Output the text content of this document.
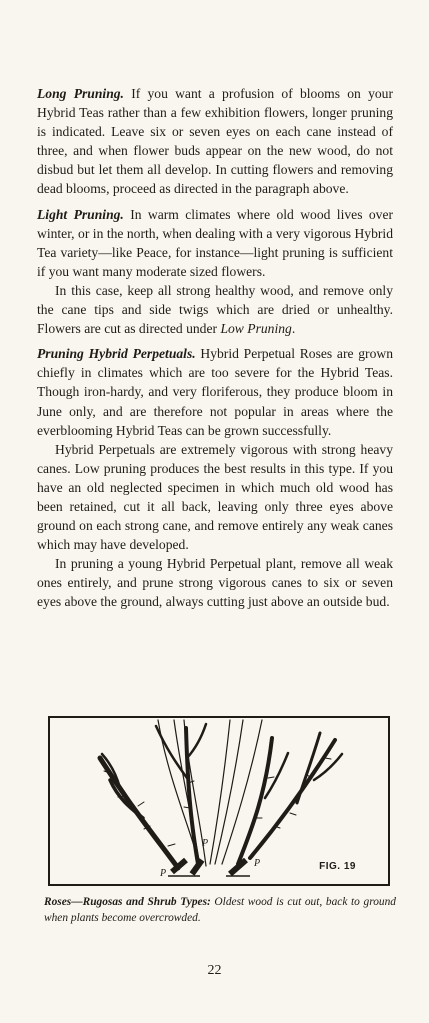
Long Pruning. If you want a profusion of blooms on your Hybrid Teas rather than a few exhibition flowers, longer pruning is indicated. Leave six or seven eyes on each cane instead of three, and when flower buds appear on the new wood, do not disbud but let them all develop. In cutting flowers and removing dead blooms, proceed as directed in the paragraph above.

Light Pruning. In warm climates where old wood lives over winter, or in the north, when dealing with a very vigorous Hybrid Tea variety—like Peace, for instance—light pruning is sufficient if you want many moderate sized flowers.

In this case, keep all strong healthy wood, and remove only the cane tips and side twigs which are dried or unhealthy. Flowers are cut as directed under Low Pruning.

Pruning Hybrid Perpetuals. Hybrid Perpetual Roses are grown chiefly in climates which are too severe for the Hybrid Teas. Though iron-hardy, and very floriferous, they produce bloom in June only, and are therefore not popular in areas where the everblooming Hybrid Teas can be grown successfully.

Hybrid Perpetuals are extremely vigorous with strong heavy canes. Low pruning produces the best results in this type. If you have an old neglected specimen in which much old wood has been retained, cut it all back, leaving only three eyes above ground on each strong cane, and remove entirely any weak canes which may have developed.

In pruning a young Hybrid Perpetual plant, remove all weak ones entirely, and prune strong vigorous canes to six or seven eyes above the ground, always cutting just above an outside bud.

P
P
P	FIG. 19
Roses—Rugosas and Shrub Types: Oldest wood is cut out, back to ground when plants become overcrowded.
22
